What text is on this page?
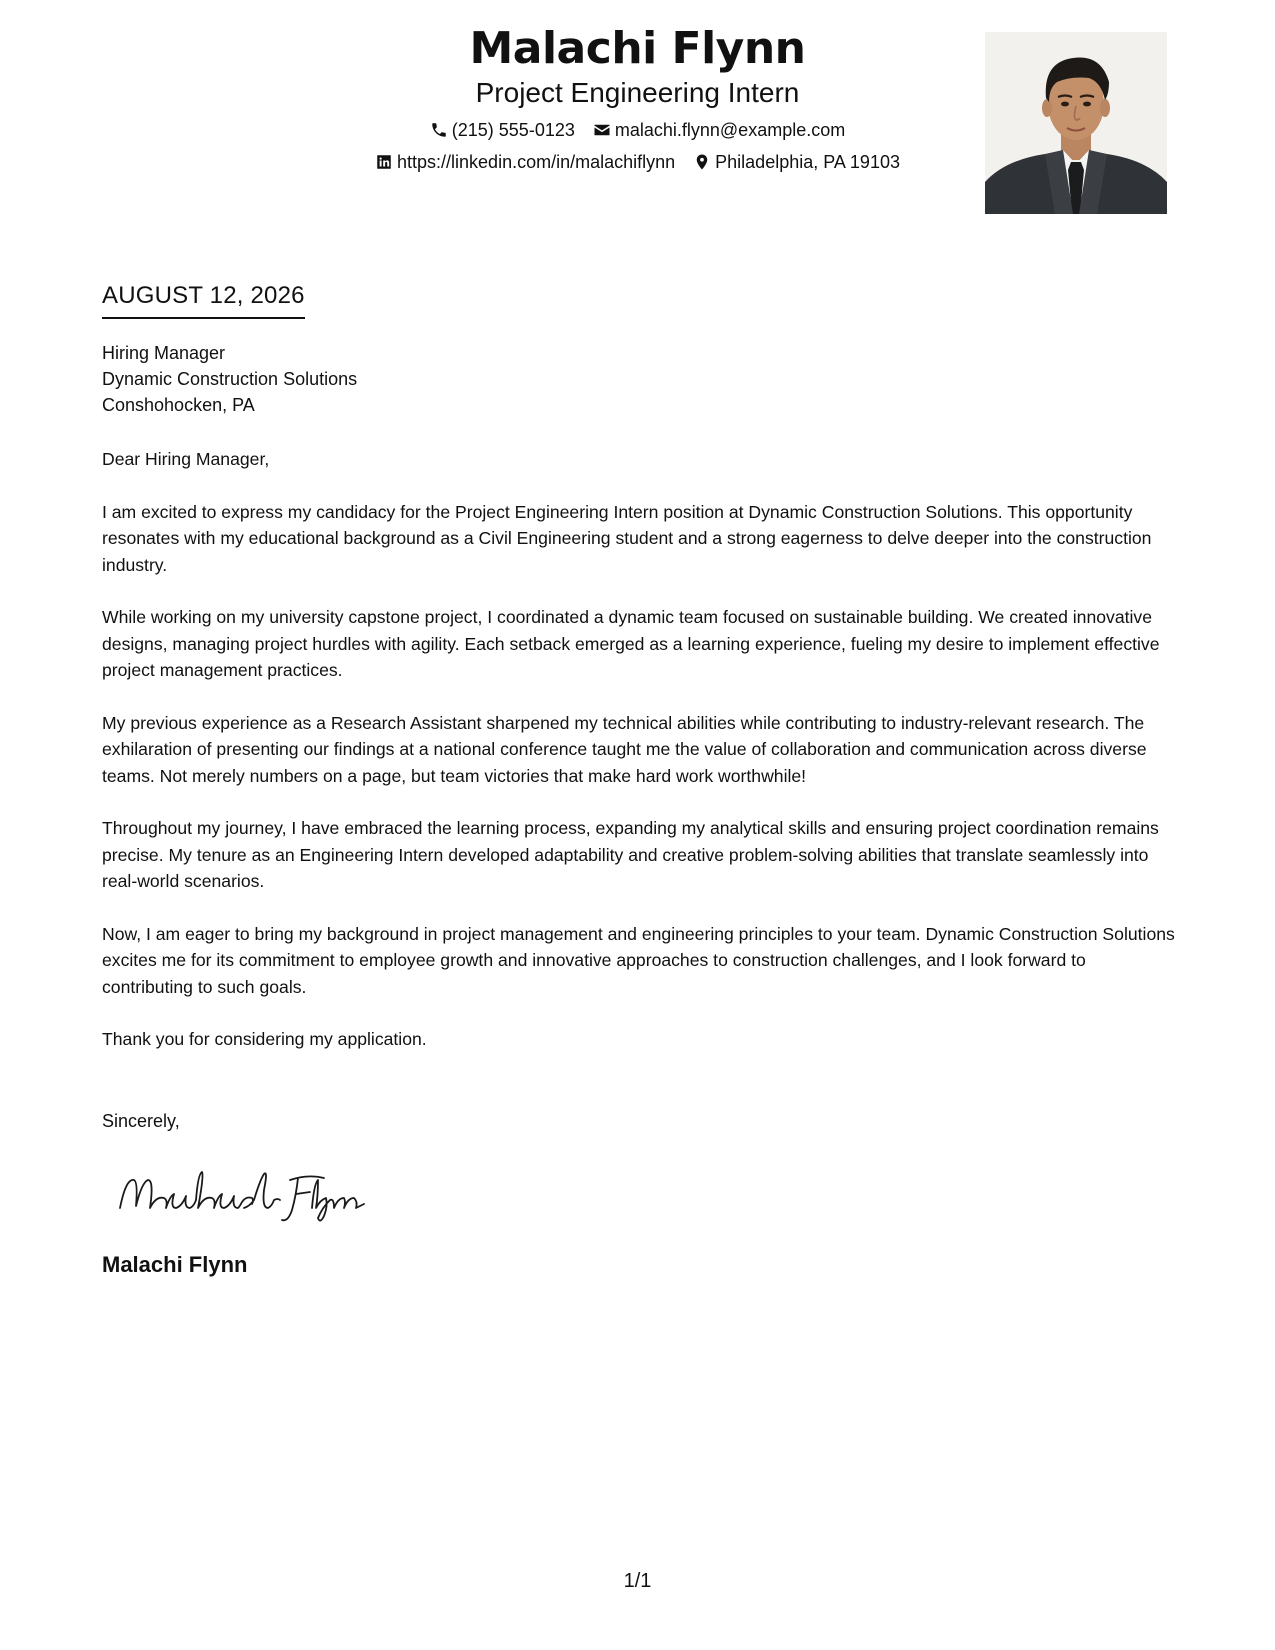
Malachi Flynn
Project Engineering Intern
(215) 555-0123 malachi.flynn@example.com
https://linkedin.com/in/malachiflynn Philadelphia, PA 19103
AUGUST 12, 2026
Hiring Manager
Dynamic Construction Solutions
Conshohocken, PA

Dear Hiring Manager,

I am excited to express my candidacy for the Project Engineering Intern position at Dynamic Construction Solutions. This opportunity resonates with my educational background as a Civil Engineering student and a strong eagerness to delve deeper into the construction industry.

While working on my university capstone project, I coordinated a dynamic team focused on sustainable building. We created innovative designs, managing project hurdles with agility. Each setback emerged as a learning experience, fueling my desire to implement effective project management practices.

My previous experience as a Research Assistant sharpened my technical abilities while contributing to industry-relevant research. The exhilaration of presenting our findings at a national conference taught me the value of collaboration and communication across diverse teams. Not merely numbers on a page, but team victories that make hard work worthwhile!

Throughout my journey, I have embraced the learning process, expanding my analytical skills and ensuring project coordination remains precise. My tenure as an Engineering Intern developed adaptability and creative problem-solving abilities that translate seamlessly into real-world scenarios.

Now, I am eager to bring my background in project management and engineering principles to your team. Dynamic Construction Solutions excites me for its commitment to employee growth and innovative approaches to construction challenges, and I look forward to contributing to such goals.

Thank you for considering my application.

Sincerely,
Malachi Flynn
1/1
